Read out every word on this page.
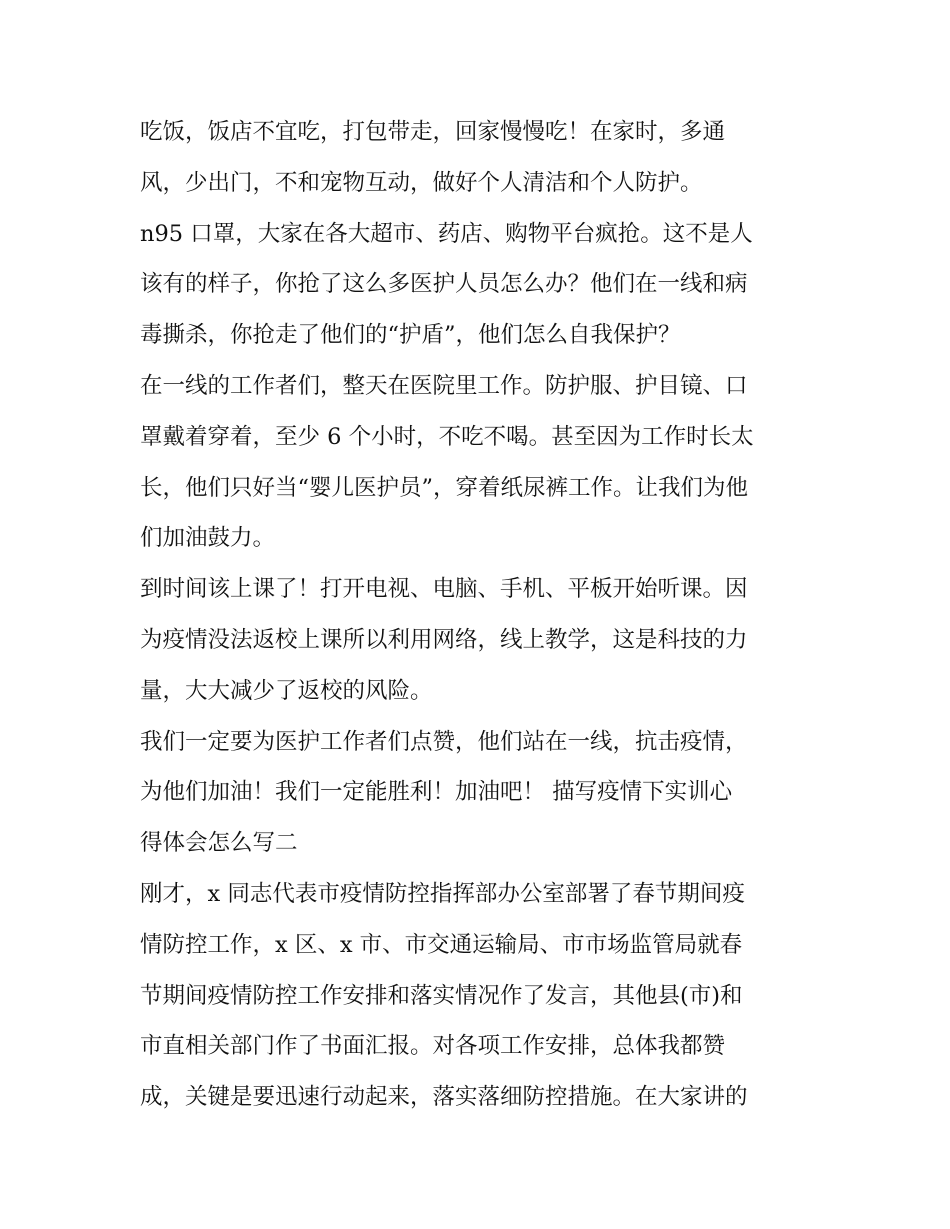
吃饭，饭店不宜吃，打包带走，回家慢慢吃！在家时，多通
风，少出门，不和宠物互动，做好个人清洁和个人防护。
n95 口罩，大家在各大超市、药店、购物平台疯抢。这不是人
该有的样子，你抢了这么多医护人员怎么办？他们在一线和病
毒撕杀，你抢走了他们的“护盾”，他们怎么自我保护？
在一线的工作者们，整天在医院里工作。防护服、护目镜、口
罩戴着穿着，至少 6 个小时，不吃不喝。甚至因为工作时长太
长，他们只好当“婴儿医护员”，穿着纸尿裤工作。让我们为他
们加油鼓力。
到时间该上课了！打开电视、电脑、手机、平板开始听课。因
为疫情没法返校上课所以利用网络，线上教学，这是科技的力
量，大大减少了返校的风险。
我们一定要为医护工作者们点赞，他们站在一线，抗击疫情，
为他们加油！我们一定能胜利！加油吧！ 描写疫情下实训心
得体会怎么写二
刚才，x 同志代表市疫情防控指挥部办公室部署了春节期间疫
情防控工作，x 区、x 市、市交通运输局、市市场监管局就春
节期间疫情防控工作安排和落实情况作了发言，其他县(市)和
市直相关部门作了书面汇报。对各项工作安排，总体我都赞
成，关键是要迅速行动起来，落实落细防控措施。在大家讲的
